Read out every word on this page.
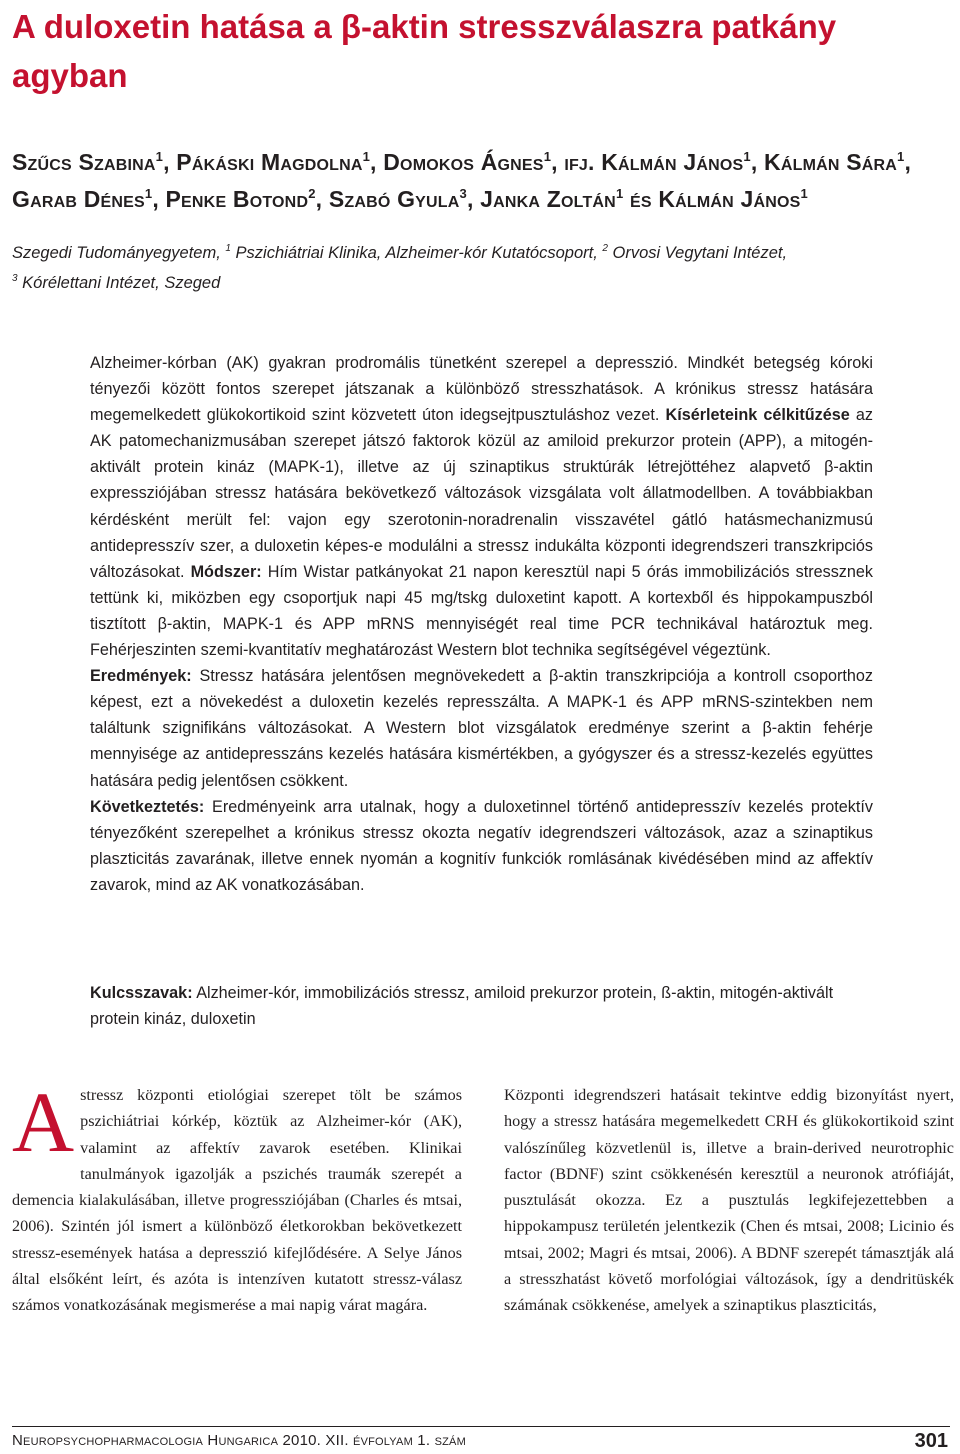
A duloxetin hatása a β-aktin stresszválaszra patkány agyban
Szűcs Szabina$^1$, Pákáski Magdolna$^1$, Domokos Ágnes$^1$, ifj. Kálmán János$^1$, Kálmán Sára$^1$,
Garab Dénes$^1$, Penke Botond$^2$, Szabó Gyula$^3$, Janka Zoltán$^1$ és Kálmán János$^1$
Szegedi Tudományegyetem, $^1$ Pszichiátriai Klinika, Alzheimer-kór Kutatócsoport, $^2$ Orvosi Vegytani Intézet,
$^3$ Kórélettani Intézet, Szeged
Alzheimer-kórban (AK) gyakran prodromális tünetként szerepel a depresszió. Mindkét betegség kóroki tényezői között fontos szerepet játszanak a különböző stresszhatások. A krónikus stressz hatására megemelkedett glükokortikoid szint közvetett úton idegsejtpusztuláshoz vezet. Kísérleteink célkitűzése az AK patomechanizmusában szerepet játszó faktorok közül az amiloid prekurzor protein (APP), a mitogén-aktivált protein kináz (MAPK-1), illetve az új szinaptikus struktúrák létrejöttéhez alapvető β-aktin expressziójában stressz hatására bekövetkező változások vizsgálata volt állatmodellben. A továbbiakban kérdésként merült fel: vajon egy szerotonin-noradrenalin visszavétel gátló hatásmechanizmusú antidepresszív szer, a duloxetin képes-e modulálni a stressz indukálta központi idegrendszeri transzkripciós változásokat. Módszer: Hím Wistar patkányokat 21 napon keresztül napi 5 órás immobilizációs stressznek tettünk ki, miközben egy csoportjuk napi 45 mg/tskg duloxetint kapott. A kortexből és hippokampuszból tisztított β-aktin, MAPK-1 és APP mRNS mennyiségét real time PCR technikával határoztuk meg. Fehérjeszinten szemi-kvantitatív meghatározást Western blot technika segítségével végeztünk.
Eredmények: Stressz hatására jelentősen megnövekedett a β-aktin transzkripciója a kontroll csoporthoz képest, ezt a növekedést a duloxetin kezelés represszálta. A MAPK-1 és APP mRNS-szintekben nem találtunk szignifikáns változásokat. A Western blot vizsgálatok eredménye szerint a β-aktin fehérje mennyisége az antidepresszáns kezelés hatására kismértékben, a gyógyszer és a stressz-kezelés együttes hatására pedig jelentősen csökkent.
Következtetés: Eredményeink arra utalnak, hogy a duloxetinnel történő antidepresszív kezelés protektív tényezőként szerepelhet a krónikus stressz okozta negatív idegrendszeri változások, azaz a szinaptikus plaszticitás zavarának, illetve ennek nyomán a kognitív funkciók romlásának kivédésében mind az affektív zavarok, mind az AK vonatkozásában.
Kulcsszavak: Alzheimer-kór, immobilizációs stressz, amiloid prekurzor protein, ß-aktin, mitogén-aktivált protein kináz, duloxetin
A stressz központi etiológiai szerepet tölt be számos pszichiátriai kórkép, köztük az Alzheimer-kór (AK), valamint az affektív zavarok esetében. Klinikai tanulmányok igazolják a pszichés traumák szerepét a demencia kialakulásában, illetve progressziójában (Charles és mtsai, 2006). Szintén jól ismert a különböző életkorokban bekövetkezett stressz-események hatása a depresszió kifejlődésére. A Selye János által elsőként leírt, és azóta is intenzíven kutatott stressz-válasz számos vonatkozásának megismerése a mai napig várat magára.
Központi idegrendszeri hatásait tekintve eddig bizonyítást nyert, hogy a stressz hatására megemelkedett CRH és glükokortikoid szint valószínűleg közvetlenül is, illetve a brain-derived neurotrophic factor (BDNF) szint csökkenésén keresztül a neuronok atrófiáját, pusztulását okozza. Ez a pusztulás legkifejezettebben a hippokampusz területén jelentkezik (Chen és mtsai, 2008; Licinio és mtsai, 2002; Magri és mtsai, 2006). A BDNF szerepét támasztják alá a stresszhatást követő morfológiai változások, így a dendritüskék számának csökkenése, amelyek a szinaptikus plaszticitás,
Neuropsychopharmacologia Hungarica 2010. XII. évfolyam 1. szám	301
